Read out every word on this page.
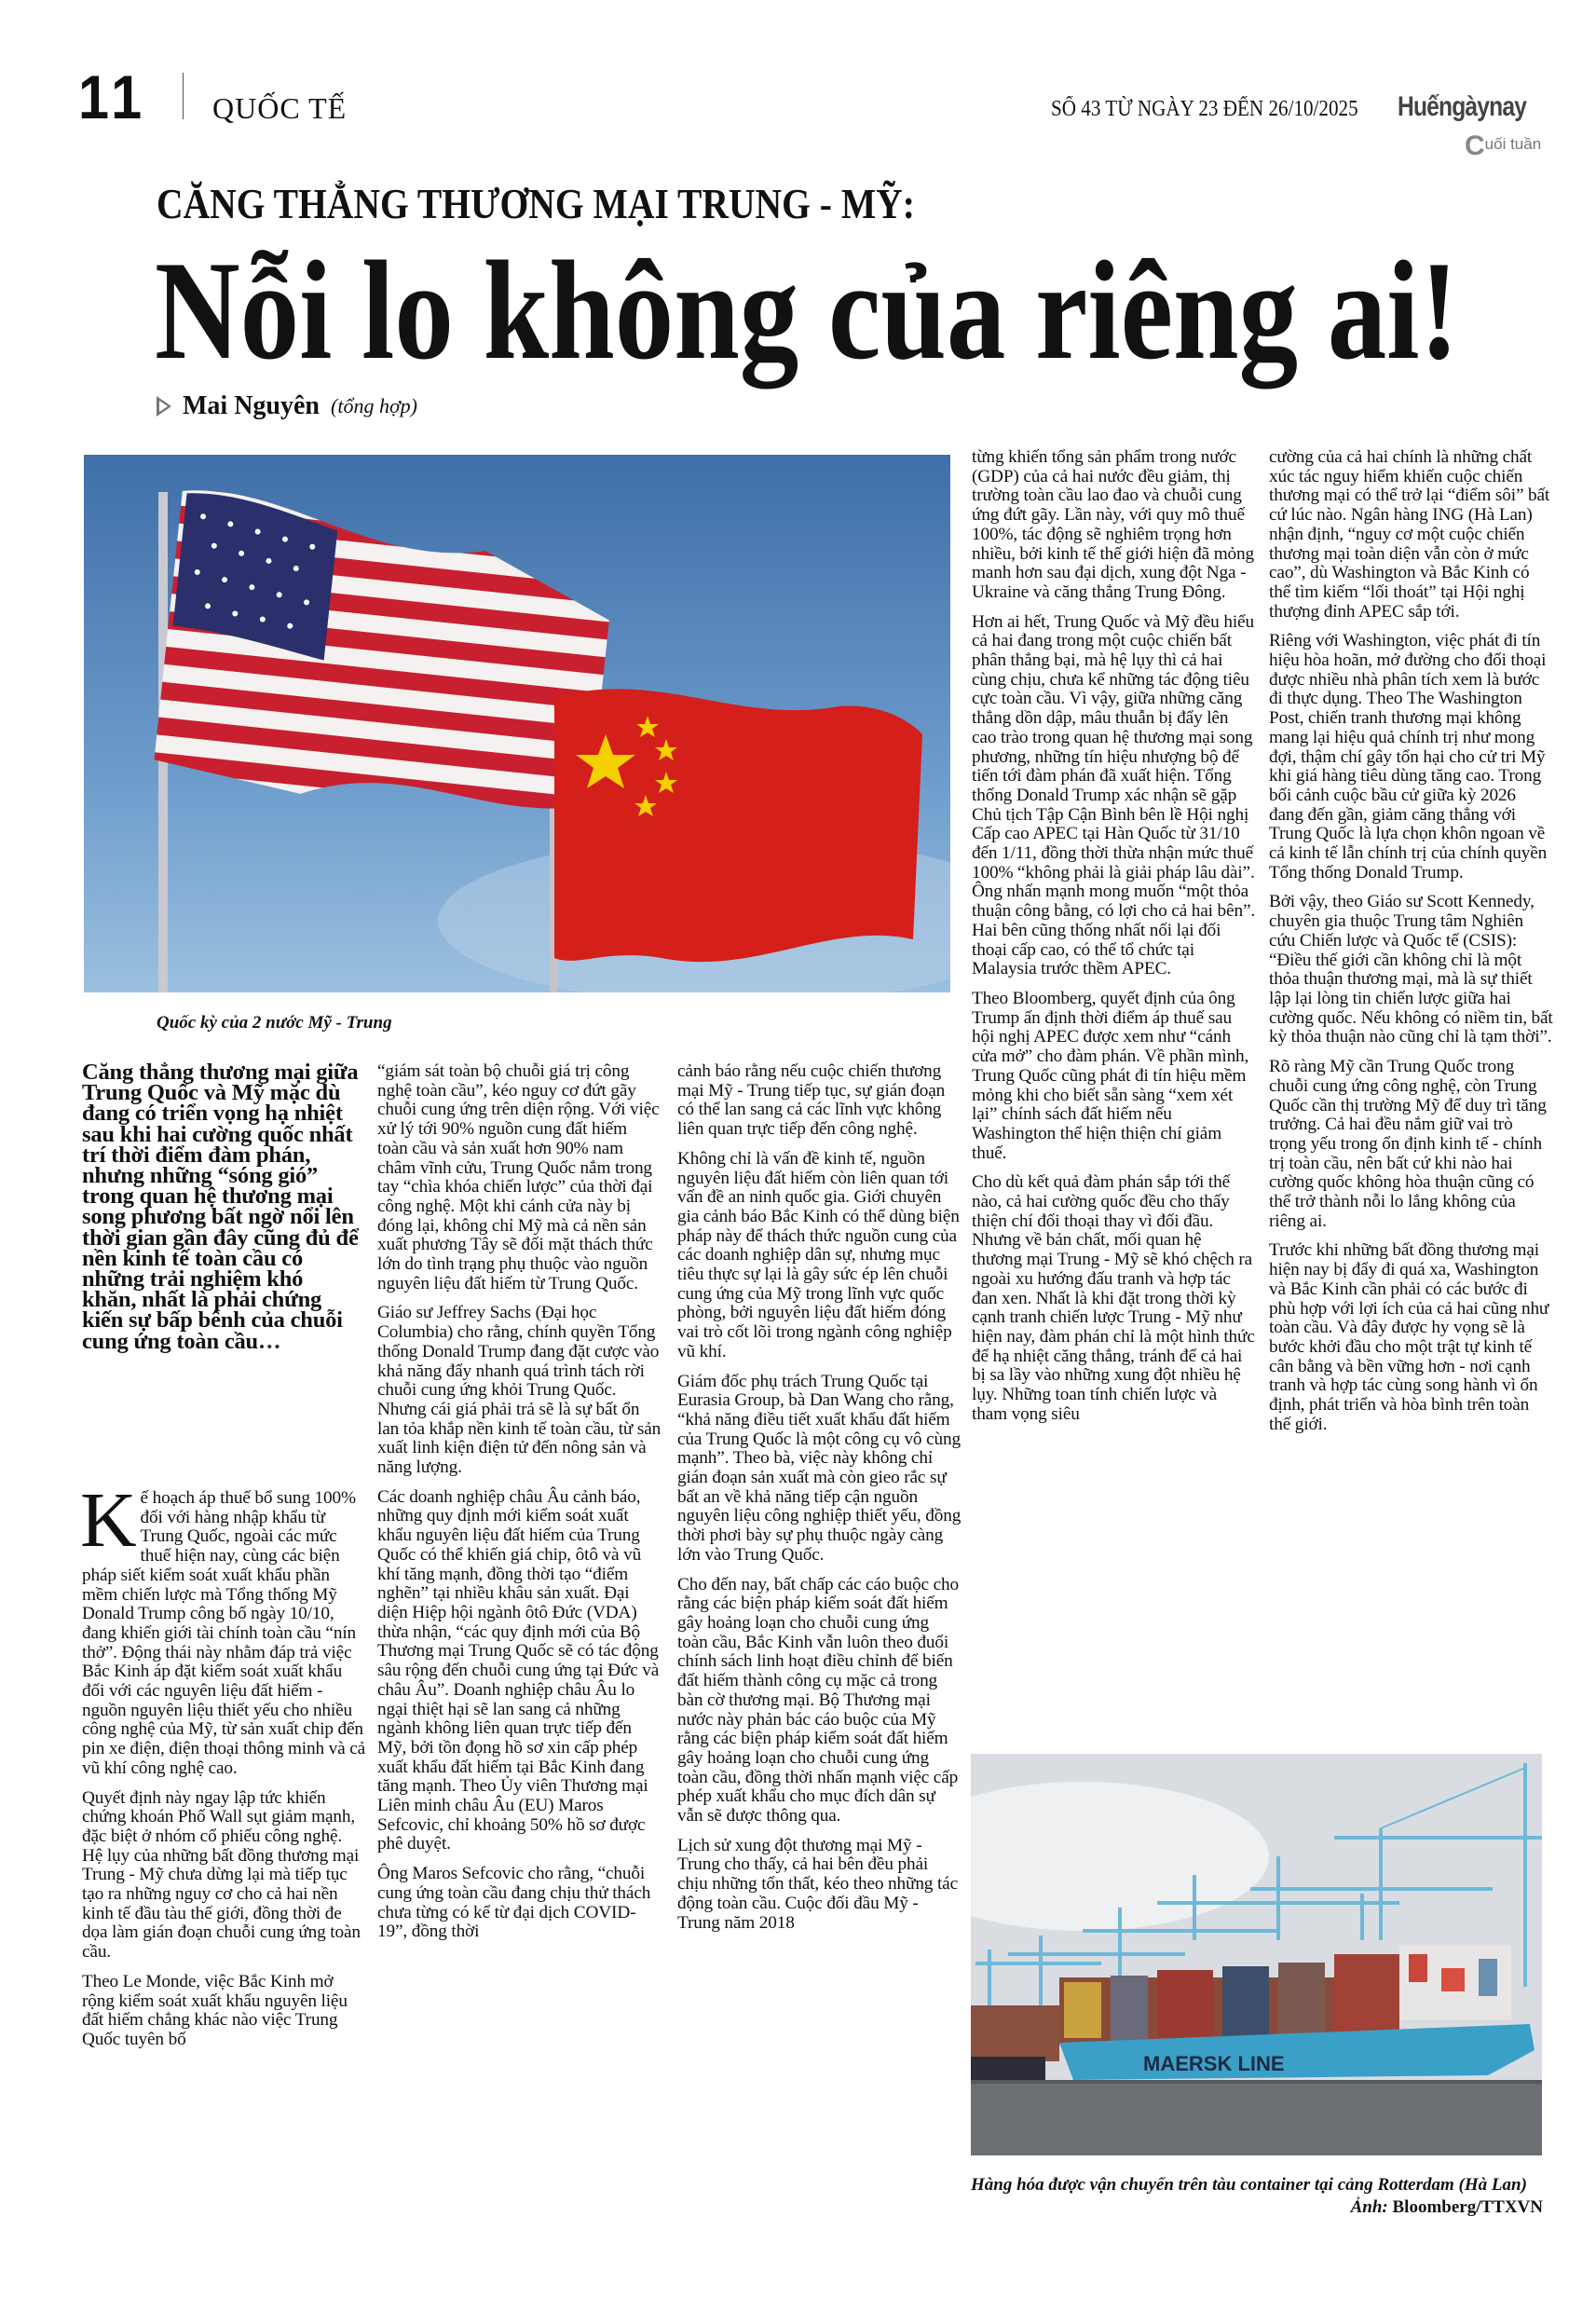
11 QUỐC TẾ	SỐ 43 TỪ NGÀY 23 ĐẾN 26/10/2025 Huếngàynay
Cuối tuần
CĂNG THẲNG THƯƠNG MẠI TRUNG - MỸ:
Nỗi lo không của riêng ai!
Mai Nguyên (tổng hợp)
Quốc kỳ của 2 nước Mỹ - Trung
Căng thẳng thương mại giữa Trung Quốc và Mỹ mặc dù đang có triển vọng hạ nhiệt sau khi hai cường quốc nhất trí thời điểm đàm phán, nhưng những “sóng gió” trong quan hệ thương mại song phương bất ngờ nổi lên thời gian gần đây cũng đủ để nền kinh tế toàn cầu có những trải nghiệm khó khăn, nhất là phải chứng kiến sự bấp bênh của chuỗi cung ứng toàn cầu…

Kế hoạch áp thuế bổ sung 100% đối với hàng nhập khẩu từ Trung Quốc, ngoài các mức thuế hiện nay, cùng các biện pháp siết kiểm soát xuất khẩu phần mềm chiến lược mà Tổng thống Mỹ Donald Trump công bố ngày 10/10, đang khiến giới tài chính toàn cầu “nín thở”. Động thái này nhằm đáp trả việc Bắc Kinh áp đặt kiểm soát xuất khẩu đối với các nguyên liệu đất hiếm - nguồn nguyên liệu thiết yếu cho nhiều công nghệ của Mỹ, từ sản xuất chip đến pin xe điện, điện thoại thông minh và cả vũ khí công nghệ cao.

Quyết định này ngay lập tức khiến chứng khoán Phố Wall sụt giảm mạnh, đặc biệt ở nhóm cổ phiếu công nghệ. Hệ lụy của những bất đồng thương mại Trung - Mỹ chưa dừng lại mà tiếp tục tạo ra những nguy cơ cho cả hai nền kinh tế đầu tàu thế giới, đồng thời đe dọa làm gián đoạn chuỗi cung ứng toàn cầu.

Theo Le Monde, việc Bắc Kinh mở rộng kiểm soát xuất khẩu nguyên liệu đất hiếm chẳng khác nào việc Trung Quốc tuyên bố

“giám sát toàn bộ chuỗi giá trị công nghệ toàn cầu”, kéo nguy cơ đứt gãy chuỗi cung ứng trên diện rộng. Với việc xử lý tới 90% nguồn cung đất hiếm toàn cầu và sản xuất hơn 90% nam châm vĩnh cửu, Trung Quốc nắm trong tay “chìa khóa chiến lược” của thời đại công nghệ. Một khi cánh cửa này bị đóng lại, không chỉ Mỹ mà cả nền sản xuất phương Tây sẽ đối mặt thách thức lớn do tình trạng phụ thuộc vào nguồn nguyên liệu đất hiếm từ Trung Quốc.

Giáo sư Jeffrey Sachs (Đại học Columbia) cho rằng, chính quyền Tổng thống Donald Trump đang đặt cược vào khả năng đẩy nhanh quá trình tách rời chuỗi cung ứng khỏi Trung Quốc. Nhưng cái giá phải trả sẽ là sự bất ổn lan tỏa khắp nền kinh tế toàn cầu, từ sản xuất linh kiện điện tử đến nông sản và năng lượng.

Các doanh nghiệp châu Âu cảnh báo, những quy định mới kiểm soát xuất khẩu nguyên liệu đất hiếm của Trung Quốc có thể khiến giá chip, ôtô và vũ khí tăng mạnh, đồng thời tạo “điểm nghẽn” tại nhiều khâu sản xuất. Đại diện Hiệp hội ngành ôtô Đức (VDA) thừa nhận, “các quy định mới của Bộ Thương mại Trung Quốc sẽ có tác động sâu rộng đến chuỗi cung ứng tại Đức và châu Âu”. Doanh nghiệp châu Âu lo ngại thiệt hại sẽ lan sang cả những ngành không liên quan trực tiếp đến Mỹ, bởi tồn đọng hồ sơ xin cấp phép xuất khẩu đất hiếm tại Bắc Kinh đang tăng mạnh. Theo Ủy viên Thương mại Liên minh châu Âu (EU) Maros Sefcovic, chỉ khoảng 50% hồ sơ được phê duyệt.

Ông Maros Sefcovic cho rằng, “chuỗi cung ứng toàn cầu đang chịu thử thách chưa từng có kể từ đại dịch COVID-19”, đồng thời

cảnh báo rằng nếu cuộc chiến thương mại Mỹ - Trung tiếp tục, sự gián đoạn có thể lan sang cả các lĩnh vực không liên quan trực tiếp đến công nghệ.

Không chỉ là vấn đề kinh tế, nguồn nguyên liệu đất hiếm còn liên quan tới vấn đề an ninh quốc gia. Giới chuyên gia cảnh báo Bắc Kinh có thể dùng biện pháp này để thách thức nguồn cung của các doanh nghiệp dân sự, nhưng mục tiêu thực sự lại là gây sức ép lên chuỗi cung ứng của Mỹ trong lĩnh vực quốc phòng, bởi nguyên liệu đất hiếm đóng vai trò cốt lõi trong ngành công nghiệp vũ khí.

Giám đốc phụ trách Trung Quốc tại Eurasia Group, bà Dan Wang cho rằng, “khả năng điều tiết xuất khẩu đất hiếm của Trung Quốc là một công cụ vô cùng mạnh”. Theo bà, việc này không chỉ gián đoạn sản xuất mà còn gieo rắc sự bất an về khả năng tiếp cận nguồn nguyên liệu công nghiệp thiết yếu, đồng thời phơi bày sự phụ thuộc ngày càng lớn vào Trung Quốc.

Cho đến nay, bất chấp các cáo buộc cho rằng các biện pháp kiểm soát đất hiếm gây hoảng loạn cho chuỗi cung ứng toàn cầu, Bắc Kinh vẫn luôn theo đuổi chính sách linh hoạt điều chỉnh để biến đất hiếm thành công cụ mặc cả trong bàn cờ thương mại. Bộ Thương mại nước này phản bác cáo buộc của Mỹ rằng các biện pháp kiểm soát đất hiếm gây hoảng loạn cho chuỗi cung ứng toàn cầu, đồng thời nhấn mạnh việc cấp phép xuất khẩu cho mục đích dân sự vẫn sẽ được thông qua.

Lịch sử xung đột thương mại Mỹ - Trung cho thấy, cả hai bên đều phải chịu những tổn thất, kéo theo những tác động toàn cầu. Cuộc đối đầu Mỹ - Trung năm 2018

từng khiến tổng sản phẩm trong nước (GDP) của cả hai nước đều giảm, thị trường toàn cầu lao đao và chuỗi cung ứng đứt gãy. Lần này, với quy mô thuế 100%, tác động sẽ nghiêm trọng hơn nhiều, bởi kinh tế thế giới hiện đã mỏng manh hơn sau đại dịch, xung đột Nga - Ukraine và căng thẳng Trung Đông.

Hơn ai hết, Trung Quốc và Mỹ đều hiểu cả hai đang trong một cuộc chiến bất phân thắng bại, mà hệ lụy thì cả hai cùng chịu, chưa kể những tác động tiêu cực toàn cầu. Vì vậy, giữa những căng thẳng dồn dập, mâu thuẫn bị đẩy lên cao trào trong quan hệ thương mại song phương, những tín hiệu nhượng bộ để tiến tới đàm phán đã xuất hiện. Tổng thống Donald Trump xác nhận sẽ gặp Chủ tịch Tập Cận Bình bên lề Hội nghị Cấp cao APEC tại Hàn Quốc từ 31/10 đến 1/11, đồng thời thừa nhận mức thuế 100% “không phải là giải pháp lâu dài”. Ông nhấn mạnh mong muốn “một thỏa thuận công bằng, có lợi cho cả hai bên”. Hai bên cũng thống nhất nối lại đối thoại cấp cao, có thể tổ chức tại Malaysia trước thềm APEC.

Theo Bloomberg, quyết định của ông Trump ấn định thời điểm áp thuế sau hội nghị APEC được xem như “cánh cửa mở” cho đàm phán. Về phần mình, Trung Quốc cũng phát đi tín hiệu mềm mỏng khi cho biết sẵn sàng “xem xét lại” chính sách đất hiếm nếu Washington thể hiện thiện chí giảm thuế.

Cho dù kết quả đàm phán sắp tới thế nào, cả hai cường quốc đều cho thấy thiện chí đối thoại thay vì đối đầu. Nhưng về bản chất, mối quan hệ thương mại Trung - Mỹ sẽ khó chệch ra ngoài xu hướng đấu tranh và hợp tác đan xen. Nhất là khi đặt trong thời kỳ cạnh tranh chiến lược Trung - Mỹ như hiện nay, đàm phán chỉ là một hình thức để hạ nhiệt căng thẳng, tránh để cả hai bị sa lầy vào những xung đột nhiều hệ lụy. Những toan tính chiến lược và tham vọng siêu

cường của cả hai chính là những chất xúc tác nguy hiểm khiến cuộc chiến thương mại có thể trở lại “điểm sôi” bất cứ lúc nào. Ngân hàng ING (Hà Lan) nhận định, “nguy cơ một cuộc chiến thương mại toàn diện vẫn còn ở mức cao”, dù Washington và Bắc Kinh có thể tìm kiếm “lối thoát” tại Hội nghị thượng đỉnh APEC sắp tới.

Riêng với Washington, việc phát đi tín hiệu hòa hoãn, mở đường cho đối thoại được nhiều nhà phân tích xem là bước đi thực dụng. Theo The Washington Post, chiến tranh thương mại không mang lại hiệu quả chính trị như mong đợi, thậm chí gây tổn hại cho cử tri Mỹ khi giá hàng tiêu dùng tăng cao. Trong bối cảnh cuộc bầu cử giữa kỳ 2026 đang đến gần, giảm căng thẳng với Trung Quốc là lựa chọn khôn ngoan về cả kinh tế lẫn chính trị của chính quyền Tổng thống Donald Trump.

Bởi vậy, theo Giáo sư Scott Kennedy, chuyên gia thuộc Trung tâm Nghiên cứu Chiến lược và Quốc tế (CSIS): “Điều thế giới cần không chỉ là một thỏa thuận thương mại, mà là sự thiết lập lại lòng tin chiến lược giữa hai cường quốc. Nếu không có niềm tin, bất kỳ thỏa thuận nào cũng chỉ là tạm thời”.

Rõ ràng Mỹ cần Trung Quốc trong chuỗi cung ứng công nghệ, còn Trung Quốc cần thị trường Mỹ để duy trì tăng trưởng. Cả hai đều nắm giữ vai trò trọng yếu trong ổn định kinh tế - chính trị toàn cầu, nên bất cứ khi nào hai cường quốc không hòa thuận cũng có thể trở thành nỗi lo lắng không của riêng ai.

Trước khi những bất đồng thương mại hiện nay bị đẩy đi quá xa, Washington và Bắc Kinh cần phải có các bước đi phù hợp với lợi ích của cả hai cũng như toàn cầu. Và đây được hy vọng sẽ là bước khởi đầu cho một trật tự kinh tế cân bằng và bền vững hơn - nơi cạnh tranh và hợp tác cùng song hành vì ổn định, phát triển và hòa bình trên toàn thế giới.

MAERSK LINE
Hàng hóa được vận chuyển trên tàu container tại cảng Rotterdam (Hà Lan)
Ảnh: Bloomberg/TTXVN
